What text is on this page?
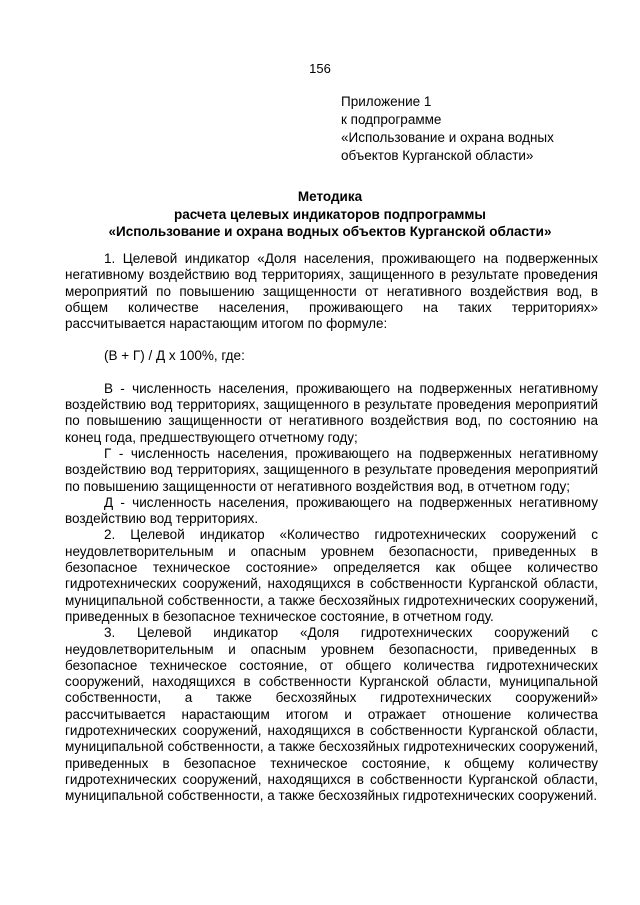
156
Приложение 1
к подпрограмме
«Использование и охрана водных
объектов Курганской области»
Методика
расчета целевых индикаторов подпрограммы
«Использование и охрана водных объектов Курганской области»

1. Целевой индикатор «Доля населения, проживающего на подверженных негативному воздействию вод территориях, защищенного в результате проведения мероприятий по повышению защищенности от негативного воздействия вод, в общем количестве населения, проживающего на таких территориях» рассчитывается нарастающим итогом по формуле:

(В + Г) / Д х 100%, где:

В - численность населения, проживающего на подверженных негативному воздействию вод территориях, защищенного в результате проведения мероприятий по повышению защищенности от негативного воздействия вод, по состоянию на конец года, предшествующего отчетному году;

Г - численность населения, проживающего на подверженных негативному воздействию вод территориях, защищенного в результате проведения мероприятий по повышению защищенности от негативного воздействия вод, в отчетном году;

Д - численность населения, проживающего на подверженных негативному воздействию вод территориях.

2. Целевой индикатор «Количество гидротехнических сооружений с неудовлетворительным и опасным уровнем безопасности, приведенных в безопасное техническое состояние» определяется как общее количество гидротехнических сооружений, находящихся в собственности Курганской области, муниципальной собственности, а также бесхозяйных гидротехнических сооружений, приведенных в безопасное техническое состояние, в отчетном году.

3. Целевой индикатор «Доля гидротехнических сооружений с неудовлетворительным и опасным уровнем безопасности, приведенных в безопасное техническое состояние, от общего количества гидротехнических сооружений, находящихся в собственности Курганской области, муниципальной собственности, а также бесхозяйных гидротехнических сооружений» рассчитывается нарастающим итогом и отражает отношение количества гидротехнических сооружений, находящихся в собственности Курганской области, муниципальной собственности, а также бесхозяйных гидротехнических сооружений, приведенных в безопасное техническое состояние, к общему количеству гидротехнических сооружений, находящихся в собственности Курганской области, муниципальной собственности, а также бесхозяйных гидротехнических сооружений.
